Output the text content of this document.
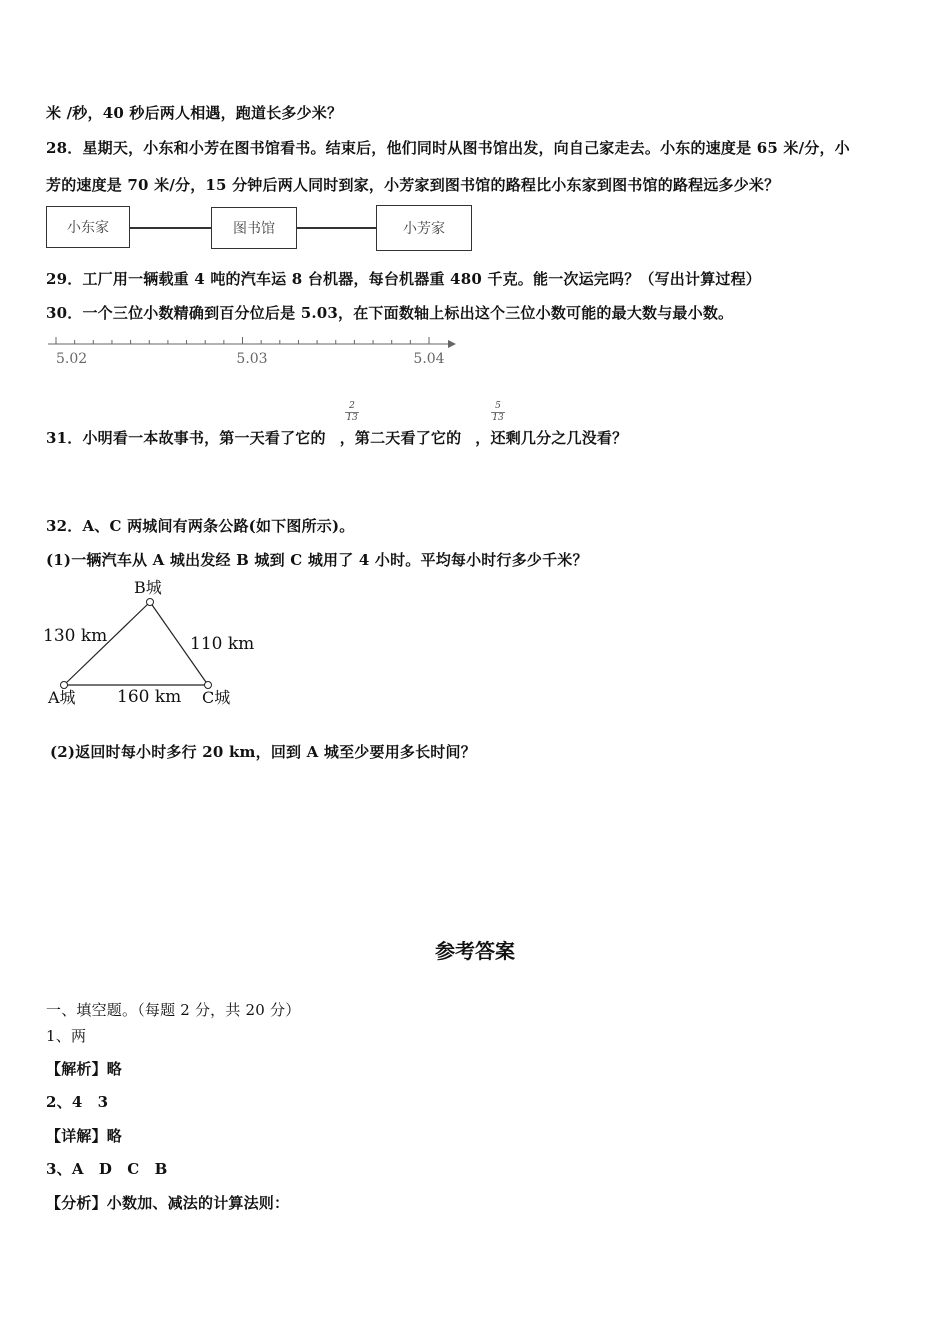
米 /秒，40 秒后两人相遇，跑道长多少米？
28．星期天，小东和小芳在图书馆看书。结束后，他们同时从图书馆出发，向自己家走去。小东的速度是 65 米/分，小
芳的速度是 70 米/分，15 分钟后两人同时到家，小芳家到图书馆的路程比小东家到图书馆的路程远多少米？
小东家	图书馆	小芳家
29．工厂用一辆载重 4 吨的汽车运 8 台机器，每台机器重 480 千克。能一次运完吗？（写出计算过程）
30．一个三位小数精确到百分位后是 5.03，在下面数轴上标出这个三位小数可能的最大数与最小数。
5.02	5.03	5.04
31．小明看一本故事书，第一天看了它的 ，第二天看了它的 ，还剩几分之几没看？
2
13
5
13
32．A、C 两城间有两条公路(如下图所示)。
(1)一辆汽车从 A 城出发经 B 城到 C 城用了 4 小时。平均每小时行多少千米？
B城
A城	C城
130 km	110 km
160 km
(2)返回时每小时多行 20 km，回到 A 城至少要用多长时间？
参考答案
一、填空题。（每题 2 分，共 20 分）
1、两
【解析】略
2、4　3
【详解】略
3、A　D　C　B
【分析】小数加、减法的计算法则：
